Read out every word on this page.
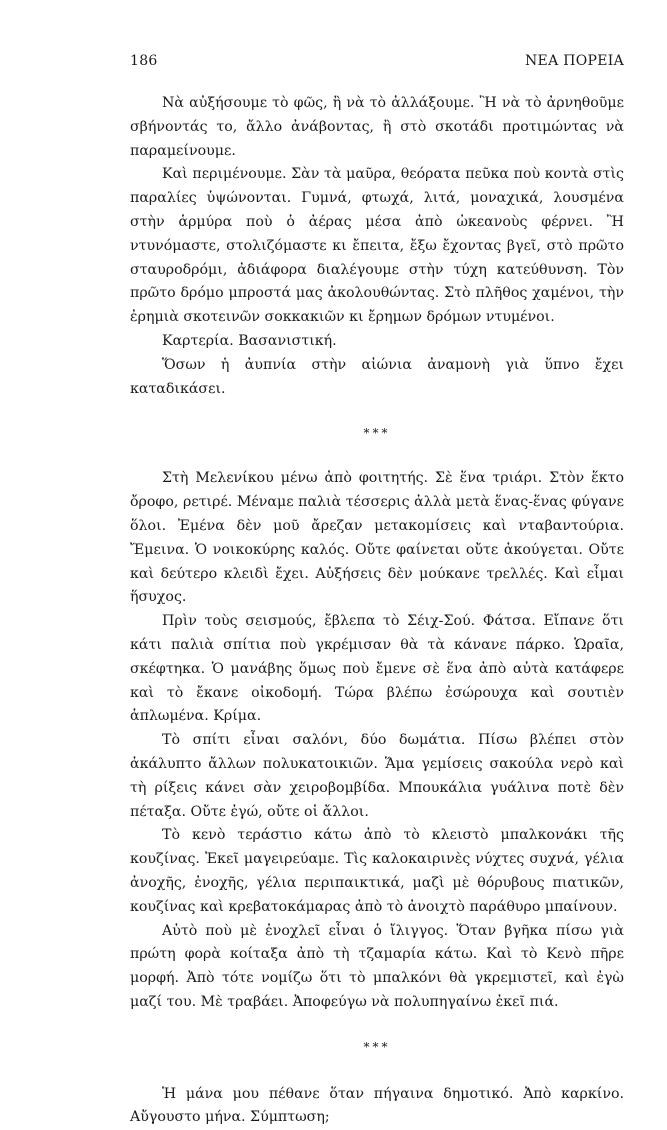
186	ΝΕΑ ΠΟΡΕΙΑ

Νὰ αὐξήσουμε τὸ φῶς, ἢ νὰ τὸ ἀλλάξουμε. Ἢ νὰ τὸ ἀρνηθοῦμε σβήνοντάς το, ἄλλο ἀνάβοντας, ἢ στὸ σκοτάδι προτιμώντας νὰ παραμείνουμε.

Καὶ περιμένουμε. Σὰν τὰ μαῦρα, θεόρατα πεῦκα ποὺ κοντὰ στὶς παραλίες ὑψώνονται. Γυμνά, φτωχά, λιτά, μοναχικά, λουσμένα στὴν ἁρμύρα ποὺ ὁ ἀέρας μέσα ἀπὸ ὠκεανοὺς φέρνει. Ἢ ντυνόμαστε, στολιζόμαστε κι ἔπειτα, ἔξω ἔχοντας βγεῖ, στὸ πρῶτο σταυροδρόμι, ἀδιάφορα διαλέγουμε στὴν τύχη κατεύθυνση. Τὸν πρῶτο δρόμο μπροστά μας ἀκολουθώντας. Στὸ πλῆθος χαμένοι, τὴν ἐρημιὰ σκοτεινῶν σοκκακιῶν κι ἔρημων δρόμων ντυμένοι.

Καρτερία. Βασανιστική.

Ὅσων ἡ ἀυπνία στὴν αἰώνια ἀναμονὴ γιὰ ὕπνο ἔχει καταδικάσει.

***

Στὴ Μελενίκου μένω ἀπὸ φοιτητής. Σὲ ἕνα τριάρι. Στὸν ἕκτο ὄροφο, ρετιρέ. Μέναμε παλιὰ τέσσερις ἀλλὰ μετὰ ἕνας-ἕνας φύγανε ὅλοι. Ἐμένα δὲν μοῦ ἄρεζαν μετακομίσεις καὶ νταβαντούρια. Ἔμεινα. Ὁ νοικοκύρης καλός. Οὔτε φαίνεται οὔτε ἀκούγεται. Οὔτε καὶ δεύτερο κλειδὶ ἔχει. Αὐξήσεις δὲν μούκανε τρελλές. Καὶ εἶμαι ἥσυχος.

Πρὶν τοὺς σεισμούς, ἔβλεπα τὸ Σέιχ-Σού. Φάτσα. Εἴπανε ὅτι κάτι παλιὰ σπίτια ποὺ γκρέμισαν θὰ τὰ κάνανε πάρκο. Ὡραῖα, σκέφτηκα. Ὁ μανάβης ὅμως ποὺ ἔμενε σὲ ἕνα ἀπὸ αὐτὰ κατάφερε καὶ τὸ ἔκανε οἰκοδομή. Τώρα βλέπω ἐσώρουχα καὶ σουτιὲν ἁπλωμένα. Κρίμα.

Τὸ σπίτι εἶναι σαλόνι, δύο δωμάτια. Πίσω βλέπει στὸν ἀκάλυπτο ἄλλων πολυκατοικιῶν. Ἅμα γεμίσεις σακούλα νερὸ καὶ τὴ ρίξεις κάνει σὰν χειροβομβίδα. Μπουκάλια γυάλινα ποτὲ δὲν πέταξα. Οὔτε ἐγώ, οὔτε οἱ ἄλλοι.

Τὸ κενὸ τεράστιο κάτω ἀπὸ τὸ κλειστὸ μπαλκονάκι τῆς κουζίνας. Ἐκεῖ μαγειρεύαμε. Τὶς καλοκαιρινὲς νύχτες συχνά, γέλια ἀνοχῆς, ἐνοχῆς, γέλια περιπαικτικά, μαζὶ μὲ θόρυβους πιατικῶν, κουζίνας καὶ κρεβατοκάμαρας ἀπὸ τὸ ἀνοιχτὸ παράθυρο μπαίνουν.

Αὐτὸ ποὺ μὲ ἐνοχλεῖ εἶναι ὁ ἴλιγγος. Ὅταν βγῆκα πίσω γιὰ πρώτη φορὰ κοίταξα ἀπὸ τὴ τζαμαρία κάτω. Καὶ τὸ Κενὸ πῆρε μορφή. Ἀπὸ τότε νομίζω ὅτι τὸ μπαλκόνι θὰ γκρεμιστεῖ, καὶ ἐγὼ μαζί του. Μὲ τραβάει. Ἀποφεύγω νὰ πολυπηγαίνω ἐκεῖ πιά.

***

Ἡ μάνα μου πέθανε ὅταν πήγαινα δημοτικό. Ἀπὸ καρκίνο. Αὔγουστο μήνα. Σύμπτωση;
